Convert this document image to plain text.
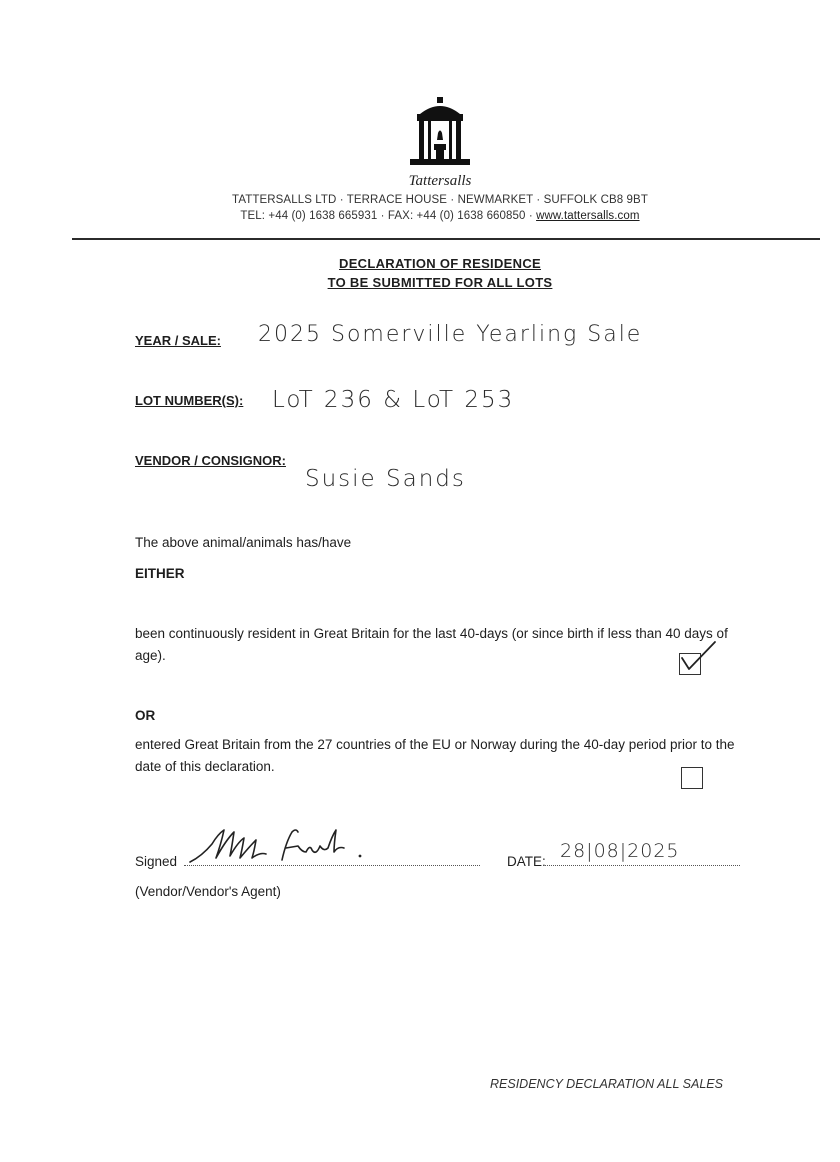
Tattersalls
TATTERSALLS LTD · TERRACE HOUSE · NEWMARKET · SUFFOLK CB8 9BT
TEL: +44 (0) 1638 665931 · FAX: +44 (0) 1638 660850 · www.tattersalls.com
DECLARATION OF RESIDENCE
TO BE SUBMITTED FOR ALL LOTS
YEAR / SALE: 2025 Somerville Yearling Sale
LOT NUMBER(S): LoT 236 & LoT 253
VENDOR / CONSIGNOR:
Susie Sands
The above animal/animals has/have
EITHER
been continuously resident in Great Britain for the last 40-days (or since birth if less than 40 days of age).
OR
entered Great Britain from the 27 countries of the EU or Norway during the 40-day period prior to the date of this declaration.
Signed
(Vendor/Vendor's Agent)
DATE: 28|08|2025
RESIDENCY DECLARATION ALL SALES
